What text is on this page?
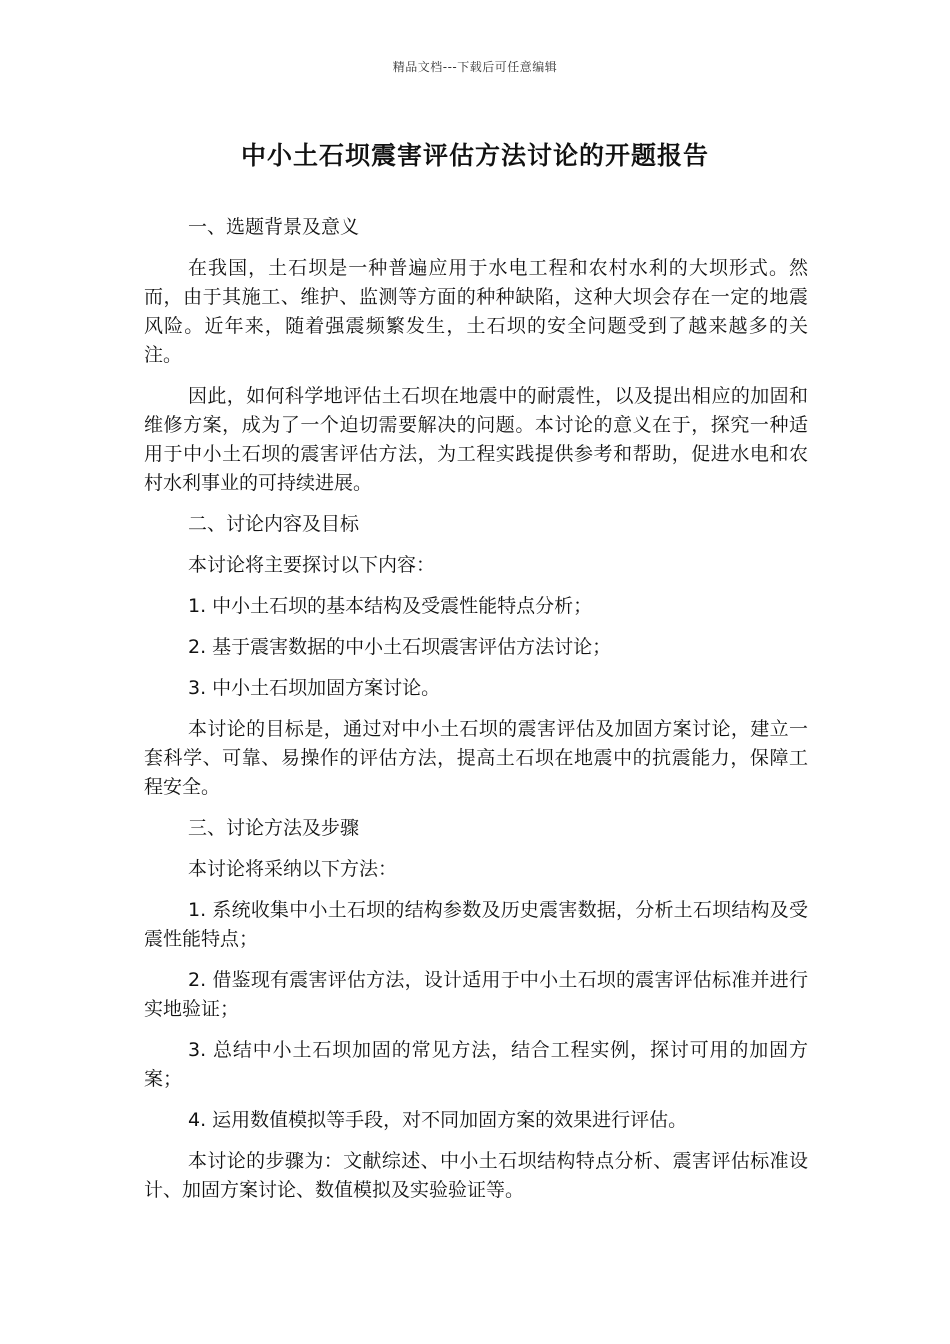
精品文档---下载后可任意编辑
中小土石坝震害评估方法讨论的开题报告

一、选题背景及意义

在我国，土石坝是一种普遍应用于水电工程和农村水利的大坝形式。然而，由于其施工、维护、监测等方面的种种缺陷，这种大坝会存在一定的地震风险。近年来，随着强震频繁发生，土石坝的安全问题受到了越来越多的关注。

因此，如何科学地评估土石坝在地震中的耐震性，以及提出相应的加固和维修方案，成为了一个迫切需要解决的问题。本讨论的意义在于，探究一种适用于中小土石坝的震害评估方法，为工程实践提供参考和帮助，促进水电和农村水利事业的可持续进展。

二、讨论内容及目标

本讨论将主要探讨以下内容：

1. 中小土石坝的基本结构及受震性能特点分析；

2. 基于震害数据的中小土石坝震害评估方法讨论；

3. 中小土石坝加固方案讨论。

本讨论的目标是，通过对中小土石坝的震害评估及加固方案讨论，建立一套科学、可靠、易操作的评估方法，提高土石坝在地震中的抗震能力，保障工程安全。

三、讨论方法及步骤

本讨论将采纳以下方法：

1. 系统收集中小土石坝的结构参数及历史震害数据，分析土石坝结构及受震性能特点；

2. 借鉴现有震害评估方法，设计适用于中小土石坝的震害评估标准并进行实地验证；

3. 总结中小土石坝加固的常见方法，结合工程实例，探讨可用的加固方案；

4. 运用数值模拟等手段，对不同加固方案的效果进行评估。

本讨论的步骤为：文献综述、中小土石坝结构特点分析、震害评估标准设计、加固方案讨论、数值模拟及实验验证等。
